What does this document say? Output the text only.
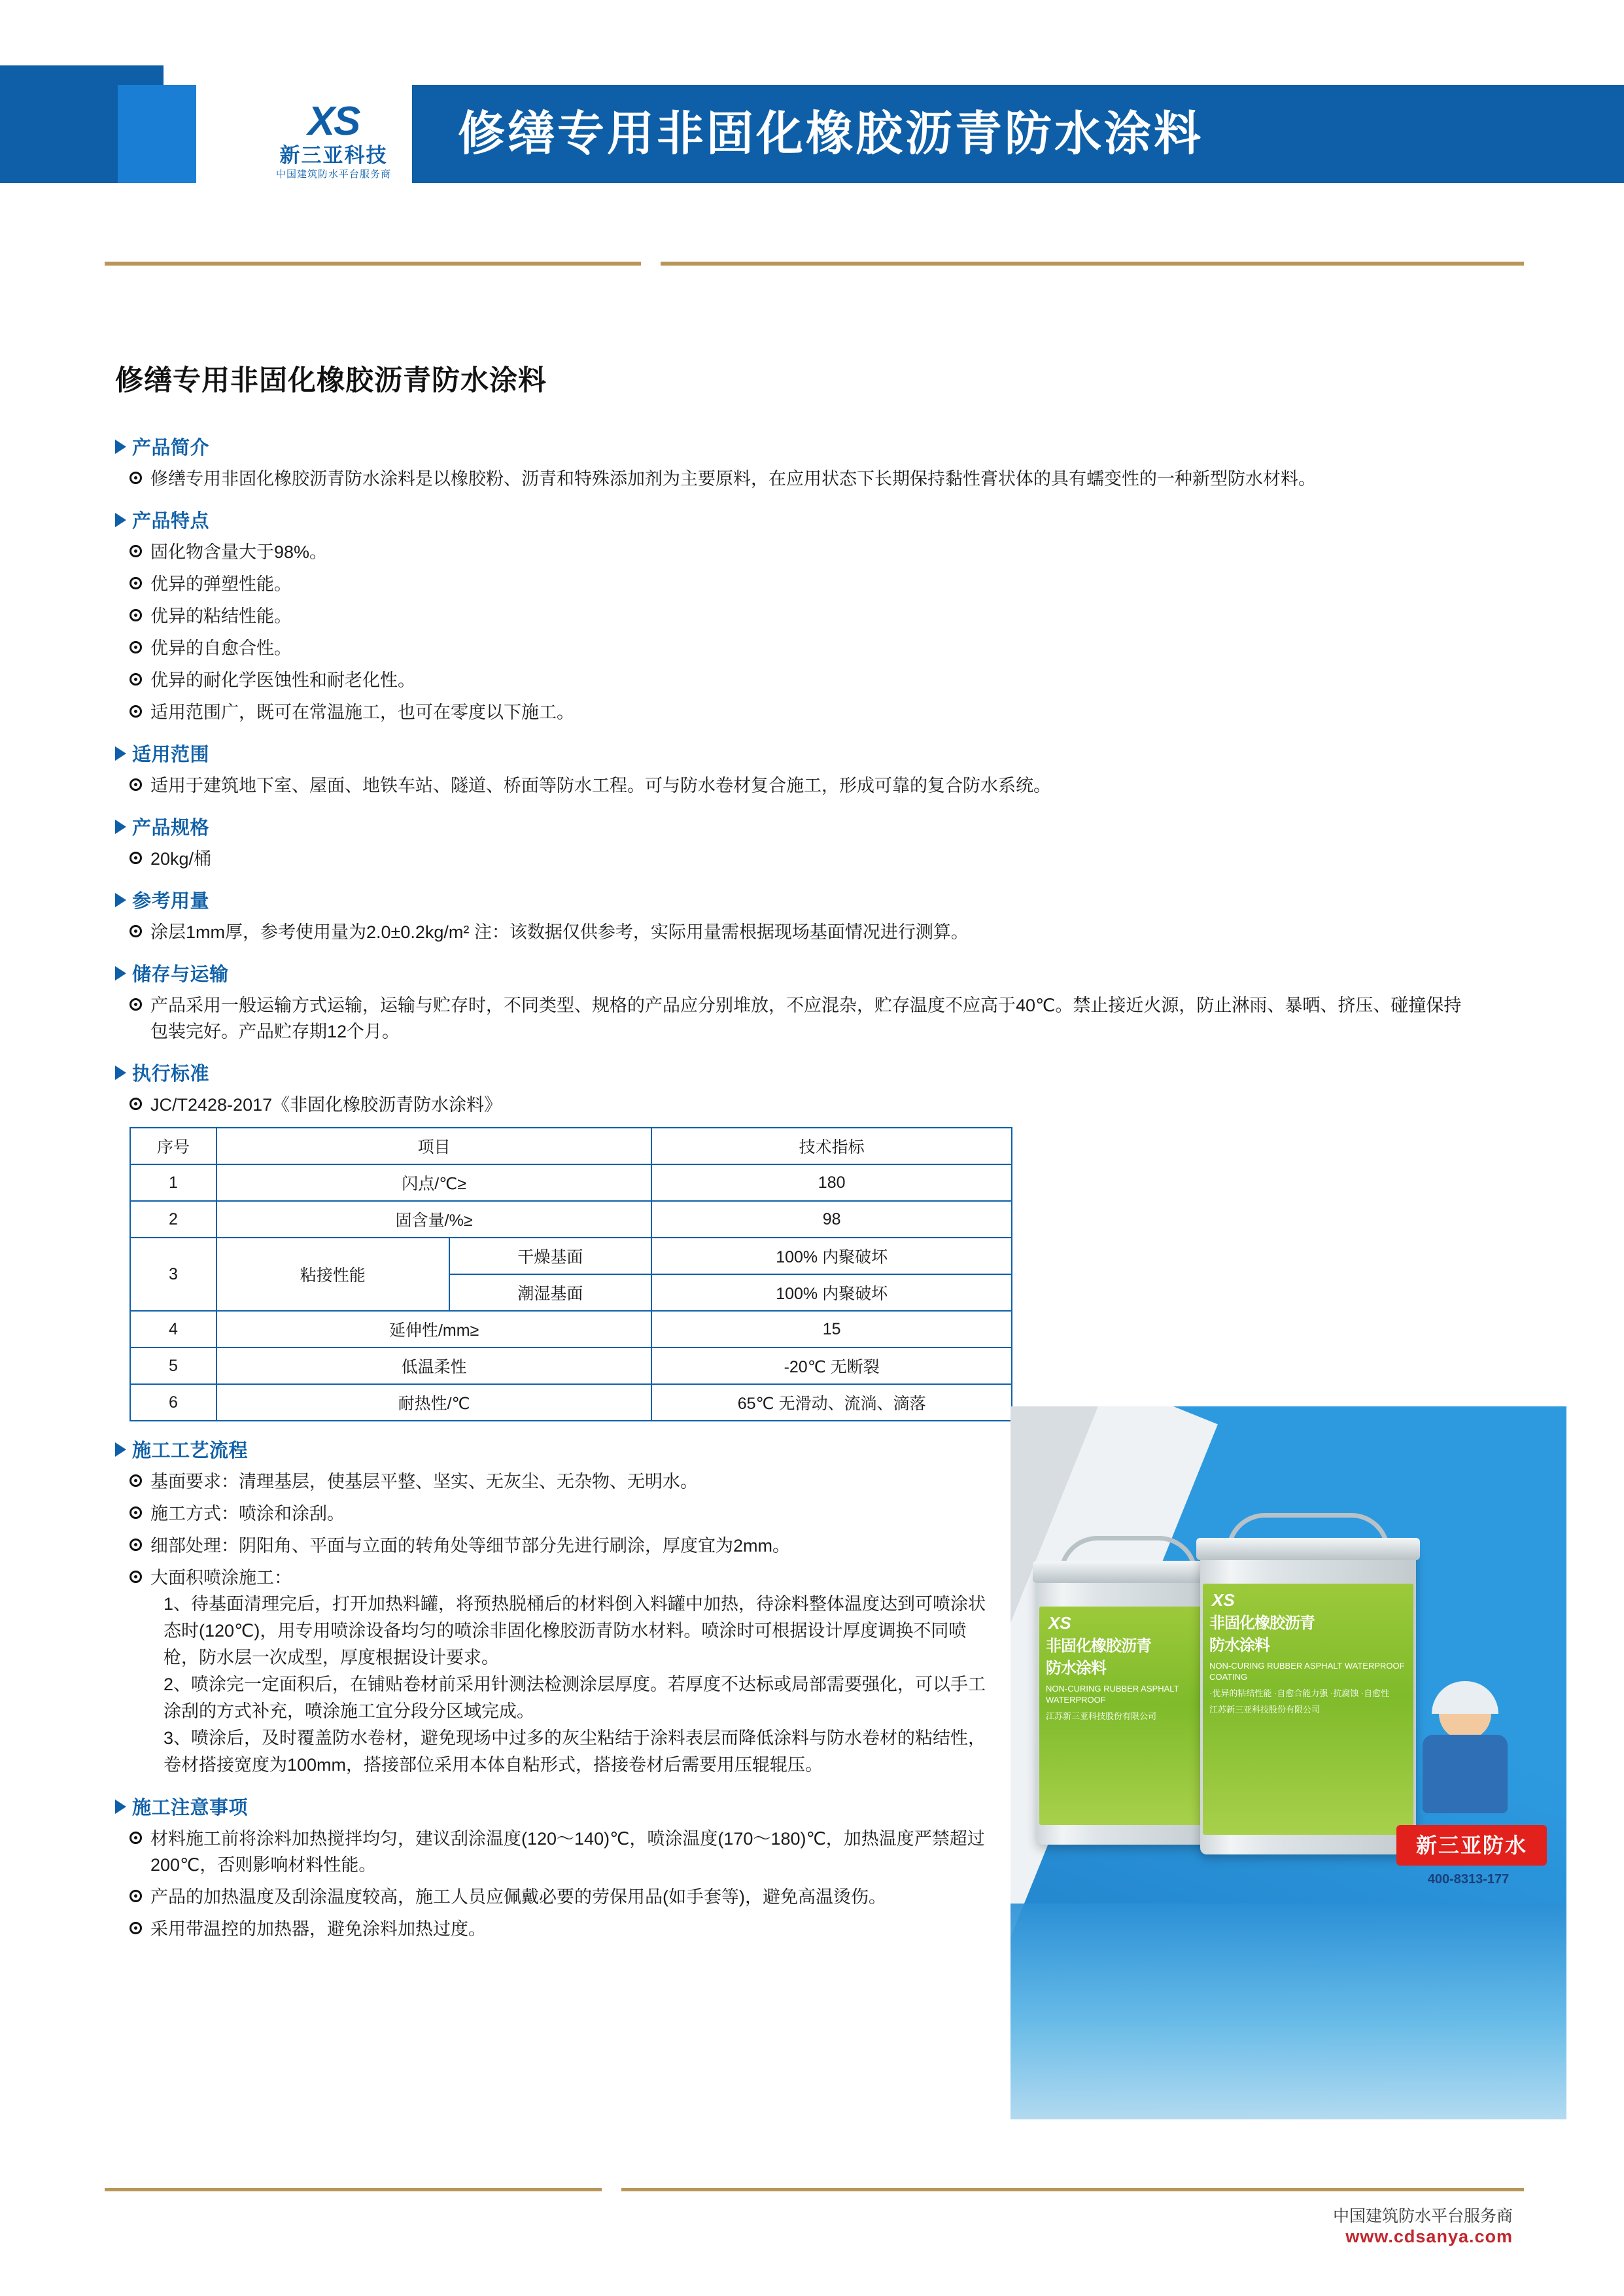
XS
新三亚科技
中国建筑防水平台服务商
修缮专用非固化橡胶沥青防水涂料
修缮专用非固化橡胶沥青防水涂料
产品简介
修缮专用非固化橡胶沥青防水涂料是以橡胶粉、沥青和特殊添加剂为主要原料，在应用状态下长期保持黏性膏状体的具有蠕变性的一种新型防水材料。
产品特点
固化物含量大于98%。
优异的弹塑性能。
优异的粘结性能。
优异的自愈合性。
优异的耐化学医蚀性和耐老化性。
适用范围广，既可在常温施工，也可在零度以下施工。
适用范围
适用于建筑地下室、屋面、地铁车站、隧道、桥面等防水工程。可与防水卷材复合施工，形成可靠的复合防水系统。
产品规格
20kg/桶
参考用量
涂层1mm厚，参考使用量为2.0±0.2kg/m² 注：该数据仅供参考，实际用量需根据现场基面情况进行测算。
储存与运输
产品采用一般运输方式运输，运输与贮存时，不同类型、规格的产品应分别堆放，不应混杂，贮存温度不应高于40℃。禁止接近火源，防止淋雨、暴晒、挤压、碰撞保持包装完好。产品贮存期12个月。
执行标准
JC/T2428-2017《非固化橡胶沥青防水涂料》
序号	项目		技术指标
1	闪点/℃≥		180
2	固含量/%≥		98
3	粘接性能	干燥基面	100% 内聚破坏
		潮湿基面	100% 内聚破坏
4	延伸性/mm≥		15
5	低温柔性		-20℃ 无断裂
6	耐热性/℃		65℃ 无滑动、流淌、滴落
施工工艺流程
基面要求：清理基层，使基层平整、坚实、无灰尘、无杂物、无明水。
施工方式：喷涂和涂刮。
细部处理：阴阳角、平面与立面的转角处等细节部分先进行刷涂，厚度宜为2mm。
大面积喷涂施工：
1、待基面清理完后，打开加热料罐，将预热脱桶后的材料倒入料罐中加热，待涂料整体温度达到可喷涂状态时(120℃)，用专用喷涂设备均匀的喷涂非固化橡胶沥青防水材料。喷涂时可根据设计厚度调换不同喷枪，防水层一次成型，厚度根据设计要求。
2、喷涂完一定面积后，在铺贴卷材前采用针测法检测涂层厚度。若厚度不达标或局部需要强化，可以手工涂刮的方式补充，喷涂施工宜分段分区域完成。
3、喷涂后，及时覆盖防水卷材，避免现场中过多的灰尘粘结于涂料表层而降低涂料与防水卷材的粘结性，卷材搭接宽度为100mm，搭接部位采用本体自粘形式，搭接卷材后需要用压辊辊压。
施工注意事项
材料施工前将涂料加热搅拌均匀，建议刮涂温度(120～140)℃，喷涂温度(170～180)℃，加热温度严禁超过200℃，否则影响材料性能。
产品的加热温度及刮涂温度较高，施工人员应佩戴必要的劳保用品(如手套等)，避免高温烫伤。
采用带温控的加热器，避免涂料加热过度。
XS
非固化橡胶沥青
防水涂料
NON-CURING RUBBER ASPHALT WATERPROOF
江苏新三亚科技股份有限公司
XS
非固化橡胶沥青
防水涂料
NON-CURING RUBBER ASPHALT WATERPROOF COATING
·优异的粘结性能 ·自愈合能力强 ·抗腐蚀 ·自愈性
江苏新三亚科技股份有限公司
新三亚防水
400-8313-177
中国建筑防水平台服务商
www.cdsanya.com
